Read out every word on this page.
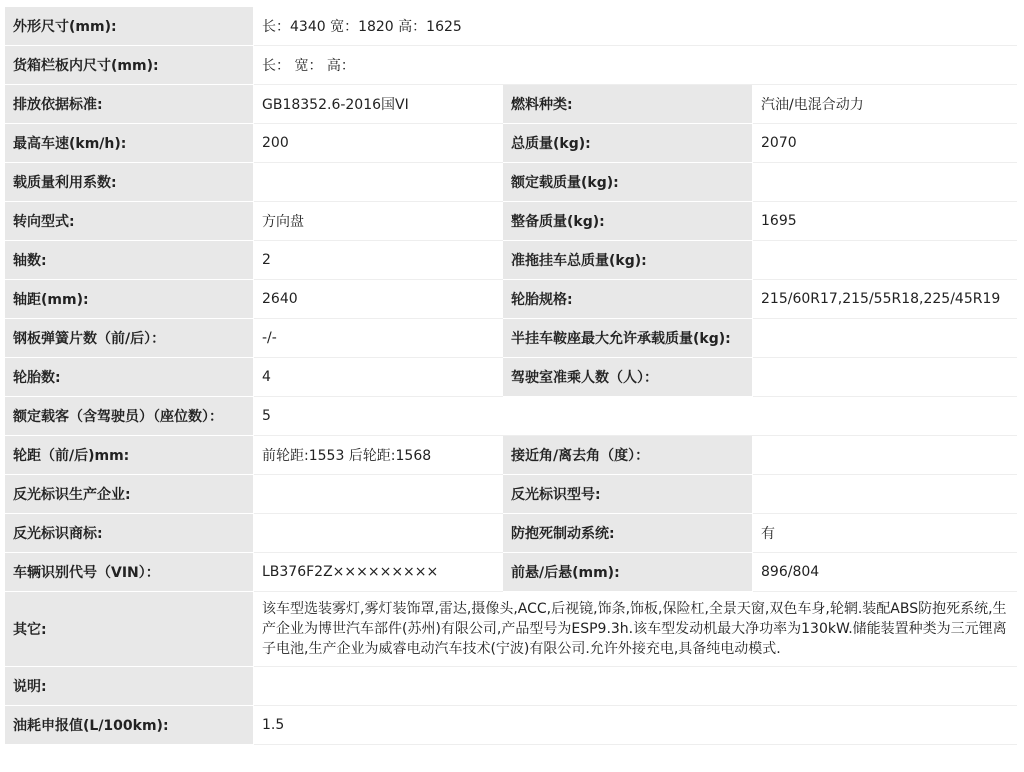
外形尺寸(mm):	长：4340 宽：1820 高：1625		
货箱栏板内尺寸(mm):	长： 宽： 高：		
排放依据标准:	GB18352.6-2016国VI	燃料种类:	汽油/电混合动力
最高车速(km/h):	200	总质量(kg):	2070
载质量利用系数:		额定载质量(kg):	
转向型式:	方向盘	整备质量(kg):	1695
轴数:	2	准拖挂车总质量(kg):	
轴距(mm):	2640	轮胎规格:	215/60R17,215/55R18,225/45R19
钢板弹簧片数（前/后）：	-/-	半挂车鞍座最大允许承载质量(kg):	
轮胎数:	4	驾驶室准乘人数（人）：	
额定载客（含驾驶员）（座位数）：	5		
轮距（前/后)mm:	前轮距:1553 后轮距:1568	接近角/离去角（度）：	
反光标识生产企业:		反光标识型号:	
反光标识商标:		防抱死制动系统:	有
车辆识别代号（VIN）：	LB376F2Z×××××××××	前悬/后悬(mm):	896/804
其它:	该车型选装雾灯,雾灯装饰罩,雷达,摄像头,ACC,后视镜,饰条,饰板,保险杠,全景天窗,双色车身,轮辋.装配ABS防抱死系统,生产企业为博世汽车部件(苏州)有限公司,产品型号为ESP9.3h.该车型发动机最大净功率为130kW.储能装置种类为三元锂离子电池,生产企业为威睿电动汽车技术(宁波)有限公司.允许外接充电,具备纯电动模式.		
说明:			
油耗申报值(L/100km):	1.5		
